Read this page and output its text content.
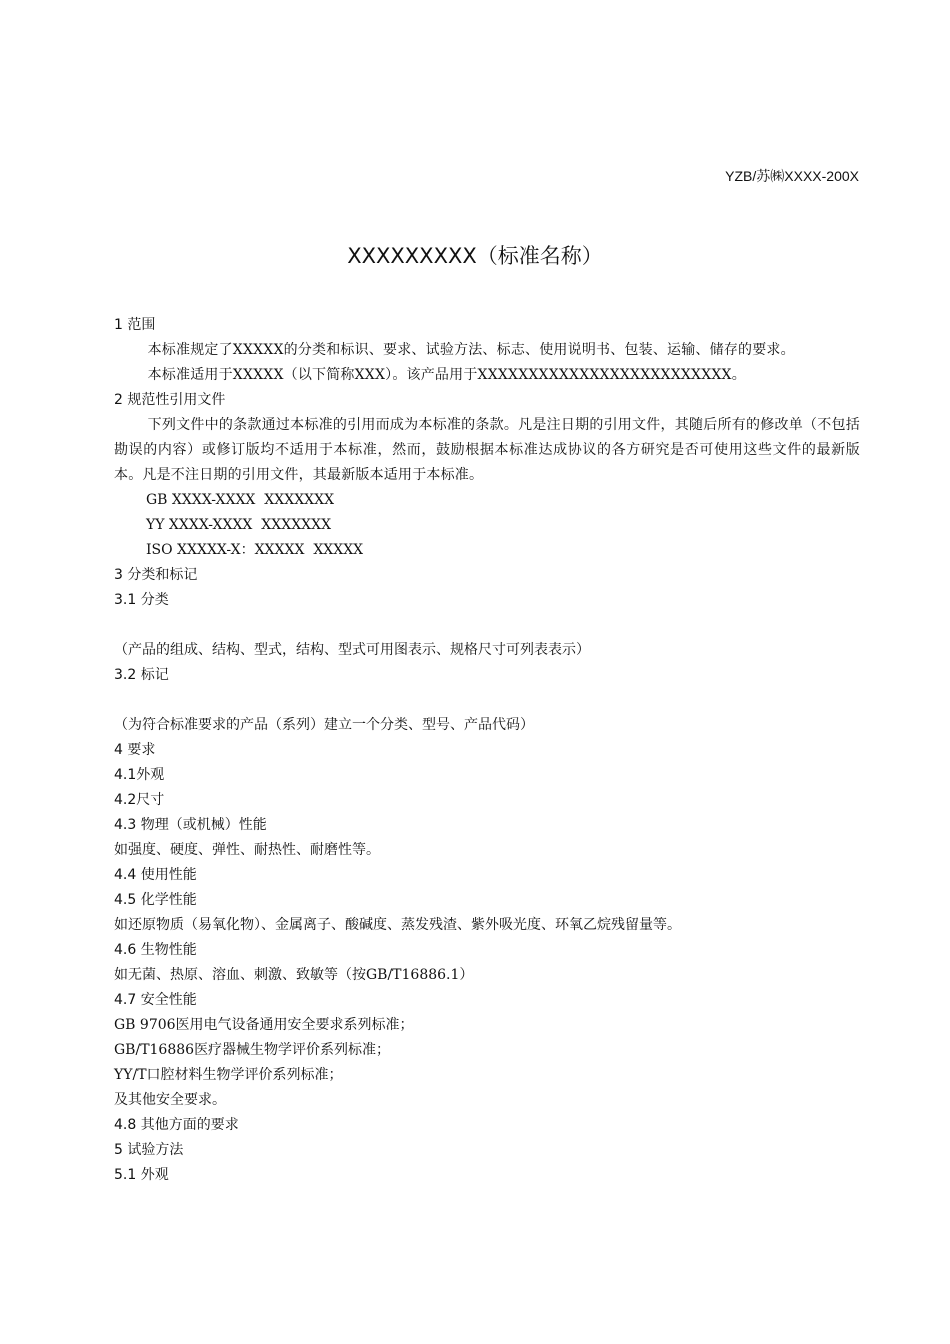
YZB/苏㈱XXXX-200X
XXXXXXXXX（标准名称）
1 范围
本标准规定了XXXXX的分类和标识、要求、试验方法、标志、使用说明书、包装、运输、储存的要求。
本标准适用于XXXXX（以下简称XXX）。该产品用于XXXXXXXXXXXXXXXXXXXXXXXXX。
2 规范性引用文件
下列文件中的条款通过本标准的引用而成为本标准的条款。凡是注日期的引用文件，其随后所有的修改单（不包括勘误的内容）或修订版均不适用于本标准，然而，鼓励根据本标准达成协议的各方研究是否可使用这些文件的最新版本。凡是不注日期的引用文件，其最新版本适用于本标准。
GB XXXX-XXXX  XXXXXXX
YY XXXX-XXXX  XXXXXXX
ISO XXXXX-X：XXXXX  XXXXX
3 分类和标记
3.1 分类
（产品的组成、结构、型式，结构、型式可用图表示、规格尺寸可列表表示）
3.2 标记
（为符合标准要求的产品（系列）建立一个分类、型号、产品代码）
4 要求
4.1外观
4.2尺寸
4.3 物理（或机械）性能
如强度、硬度、弹性、耐热性、耐磨性等。
4.4 使用性能
4.5 化学性能
如还原物质（易氧化物）、金属离子、酸碱度、蒸发残渣、紫外吸光度、环氧乙烷残留量等。
4.6 生物性能
如无菌、热原、溶血、刺激、致敏等（按GB/T16886.1）
4.7 安全性能
GB 9706医用电气设备通用安全要求系列标准；
GB/T16886医疗器械生物学评价系列标准；
YY/T口腔材料生物学评价系列标准；
及其他安全要求。
4.8 其他方面的要求
5 试验方法
5.1 外观
